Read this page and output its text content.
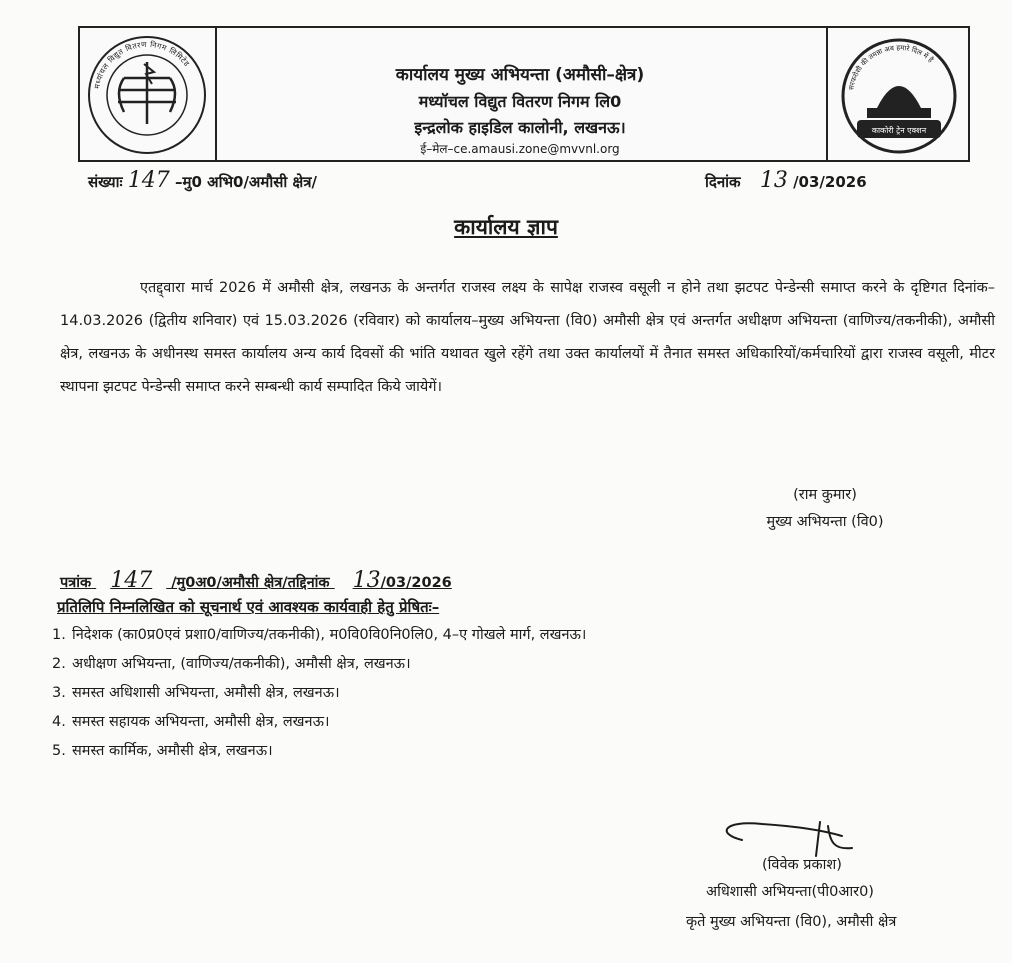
मध्यांचल विद्युत वितरण निगम लिमिटेड
सरफरोशी की तमन्ना अब हमारे दिल में है
काकोरी ट्रेन एक्शन
कार्यालय मुख्य अभियन्ता (अमौसी–क्षेत्र)
मध्यॉचल विद्युत वितरण निगम लि0
इन्द्रलोक हाइडिल कालोनी, लखनऊ।
ई–मेल–ce.amausi.zone@mvvnl.org
संख्याः 147 –मु0 अभि0/अमौसी क्षेत्र/	दिनांक 13 /03/2026
कार्यालय ज्ञाप
एतद्द्वारा मार्च 2026 में अमौसी क्षेत्र, लखनऊ के अन्तर्गत राजस्व लक्ष्य के सापेक्ष राजस्व वसूली न होने तथा झटपट पेन्डेन्सी समाप्त करने के दृष्टिगत दिनांक–14.03.2026 (द्वितीय शनिवार) एवं 15.03.2026 (रविवार) को कार्यालय–मुख्य अभियन्ता (वि0) अमौसी क्षेत्र एवं अन्तर्गत अधीक्षण अभियन्ता (वाणिज्य/तकनीकी), अमौसी क्षेत्र, लखनऊ के अधीनस्थ समस्त कार्यालय अन्य कार्य दिवसों की भांति यथावत खुले रहेंगे तथा उक्त कार्यालयों में तैनात समस्त अधिकारियों/कर्मचारियों द्वारा राजस्व वसूली, मीटर स्थापना झटपट पेन्डेन्सी समाप्त करने सम्बन्धी कार्य सम्पादित किये जायेगें।
(राम कुमार)
मुख्य अभियन्ता (वि0)
पत्रांक 147 /मु0अ0/अमौसी क्षेत्र/तद्दिनांक 13/03/2026
प्रतिलिपि निम्नलिखित को सूचनार्थ एवं आवश्यक कार्यवाही हेतु प्रेषितः–
1. निदेशक (का0प्र0एवं प्रशा0/वाणिज्य/तकनीकी), म0वि0वि0नि0लि0, 4–ए गोखले मार्ग, लखनऊ।
2. अधीक्षण अभियन्ता, (वाणिज्य/तकनीकी), अमौसी क्षेत्र, लखनऊ।
3. समस्त अधिशासी अभियन्ता, अमौसी क्षेत्र, लखनऊ।
4. समस्त सहायक अभियन्ता, अमौसी क्षेत्र, लखनऊ।
5. समस्त कार्मिक, अमौसी क्षेत्र, लखनऊ।
(विवेक प्रकाश)
अधिशासी अभियन्ता(पी0आर0)
कृते मुख्य अभियन्ता (वि0), अमौसी क्षेत्र
